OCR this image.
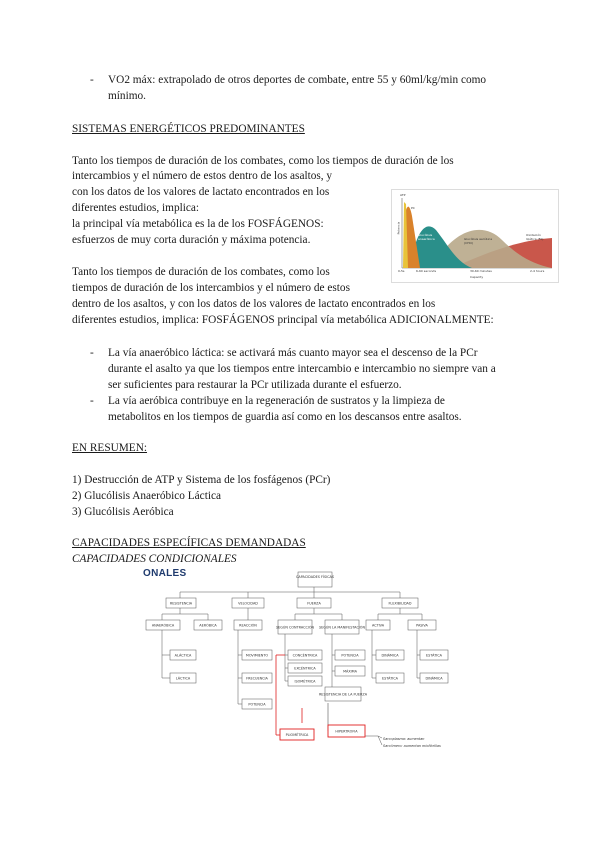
- VO2 máx: extrapolado de otros deportes de combate, entre 55 y 60ml/kg/min como
mínimo.
SISTEMAS ENERGÉTICOS PREDOMINANTES
Tanto los tiempos de duración de los combates, como los tiempos de duración de los
intercambios y el número de estos dentro de los asaltos, y
con los datos de los valores de lactato encontrados en los
diferentes estudios, implica:
la principal vía metabólica es la de los FOSFÁGENOS:
esfuerzos de muy corta duración y máxima potencia.
Tanto los tiempos de duración de los combates, como los
tiempos de duración de los intercambios y el número de estos
dentro de los asaltos, y con los datos de los valores de lactato encontrados en los
diferentes estudios, implica: FOSFÁGENOS principal vía metabólica ADICIONALMENTE:
Potencia
ATP
PC
Glucólisis anaeróbica	Glucólisis aeróbica (CHO)
Oxidación lipídica (FA)
6-60 seconds	30-60 minutes	2-4 hours
0-5s
Capacity
- La vía anaeróbico láctica: se activará más cuanto mayor sea el descenso de la PCr
durante el asalto ya que los tiempos entre intercambio e intercambio no siempre van a
ser suficientes para restaurar la PCr utilizada durante el esfuerzo.
- La vía aeróbica contribuye en la regeneración de sustratos y la limpieza de
metabolitos en los tiempos de guardia así como en los descansos entre asaltos.
EN RESUMEN:
1) Destrucción de ATP y Sistema de los fosfágenos (PCr)
2) Glucólisis Anaeróbico Láctica
3) Glucólisis Aeróbica
CAPACIDADES ESPECÍFICAS DEMANDADAS
CAPACIDADES CONDICIONALES
CAPACIDADES FÍSICAS
RESISTENCIA	VELOCIDAD	FUERZA	FLEXIBILIDAD
ANAERÓBICA	AERÓBICA
ALÁCTICA
LÁCTICA
REACCIÓN
MOVIMIENTO
FRECUENCIA
POTENCIA
SEGÚN CONTRACCIÓN
CONCÉNTRICA
EXCÉNTRICA
ISOMÉTRICA
SEGÚN LA MANIFESTACIÓN
POTENCIA
MÁXIMA
RESISTENCIA DE LA FUERZA
ACTIVA	PASIVA
DINÁMICA
ESTÁTICA
ESTÁTICA
DINÁMICA
PLIOMÉTRICA
HIPERTROFIA
Sarcoplasma: aumentan
Sarcómero: aumentan miofibrillas
ONALES
